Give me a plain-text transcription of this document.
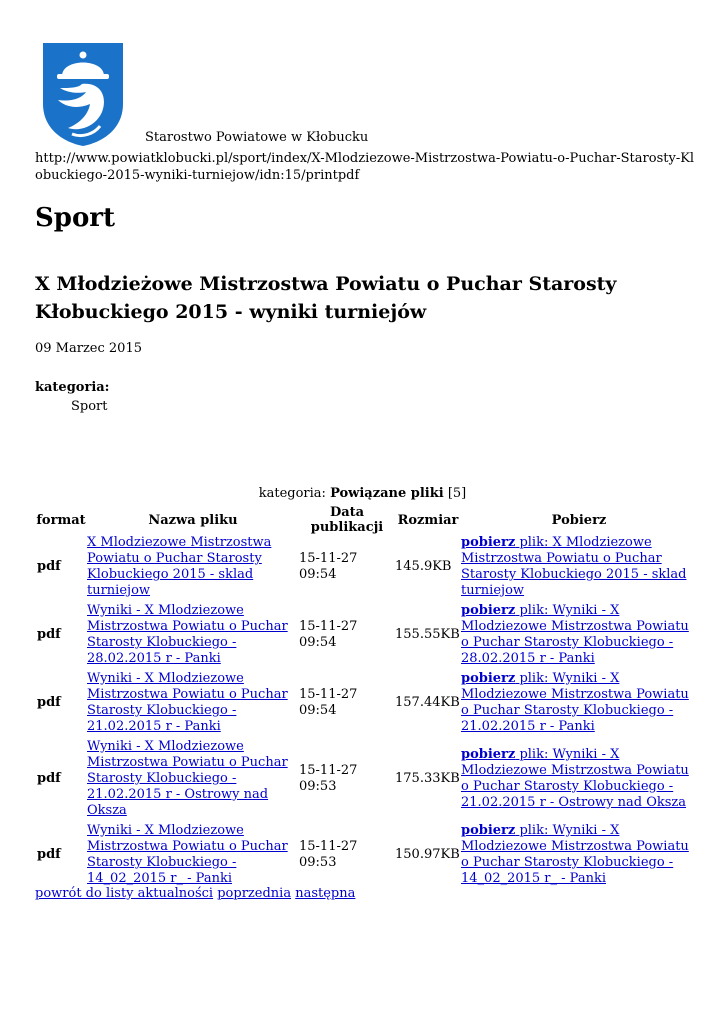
Starostwo Powiatowe w Kłobucku
http://www.powiatklobucki.pl/sport/index/X-Mlodziezowe-Mistrzostwa-Powiatu-o-Puchar-Starosty-Klobuckiego-2015-wyniki-turniejow/idn:15/printpdf
Sport
X Młodzieżowe Mistrzostwa Powiatu o Puchar Starosty Kłobuckiego 2015 - wyniki turniejów
09 Marzec 2015
kategoria:
Sport
kategoria: Powiązane pliki [5]
format	Nazwa pliku	Data publikacji	Rozmiar	Pobierz
pdf	X Mlodziezowe Mistrzostwa Powiatu o Puchar Starosty Klobuckiego 2015 - sklad turniejow	15-11-27 09:54	145.9KB	pobierz plik: X Mlodziezowe Mistrzostwa Powiatu o Puchar Starosty Klobuckiego 2015 - sklad turniejow
pdf	Wyniki - X Mlodziezowe Mistrzostwa Powiatu o Puchar Starosty Klobuckiego - 28.02.2015 r - Panki	15-11-27 09:54	155.55KB	pobierz plik: Wyniki - X Mlodziezowe Mistrzostwa Powiatu o Puchar Starosty Klobuckiego - 28.02.2015 r - Panki
pdf	Wyniki - X Mlodziezowe Mistrzostwa Powiatu o Puchar Starosty Klobuckiego - 21.02.2015 r - Panki	15-11-27 09:54	157.44KB	pobierz plik: Wyniki - X Mlodziezowe Mistrzostwa Powiatu o Puchar Starosty Klobuckiego - 21.02.2015 r - Panki
pdf	Wyniki - X Mlodziezowe Mistrzostwa Powiatu o Puchar Starosty Klobuckiego - 21.02.2015 r - Ostrowy nad Oksza	15-11-27 09:53	175.33KB	pobierz plik: Wyniki - X Mlodziezowe Mistrzostwa Powiatu o Puchar Starosty Klobuckiego - 21.02.2015 r - Ostrowy nad Oksza
pdf	Wyniki - X Mlodziezowe Mistrzostwa Powiatu o Puchar Starosty Klobuckiego - 14_02_2015 r_ - Panki	15-11-27 09:53	150.97KB	pobierz plik: Wyniki - X Mlodziezowe Mistrzostwa Powiatu o Puchar Starosty Klobuckiego - 14_02_2015 r_ - Panki
powrót do listy aktualności poprzednia następna
